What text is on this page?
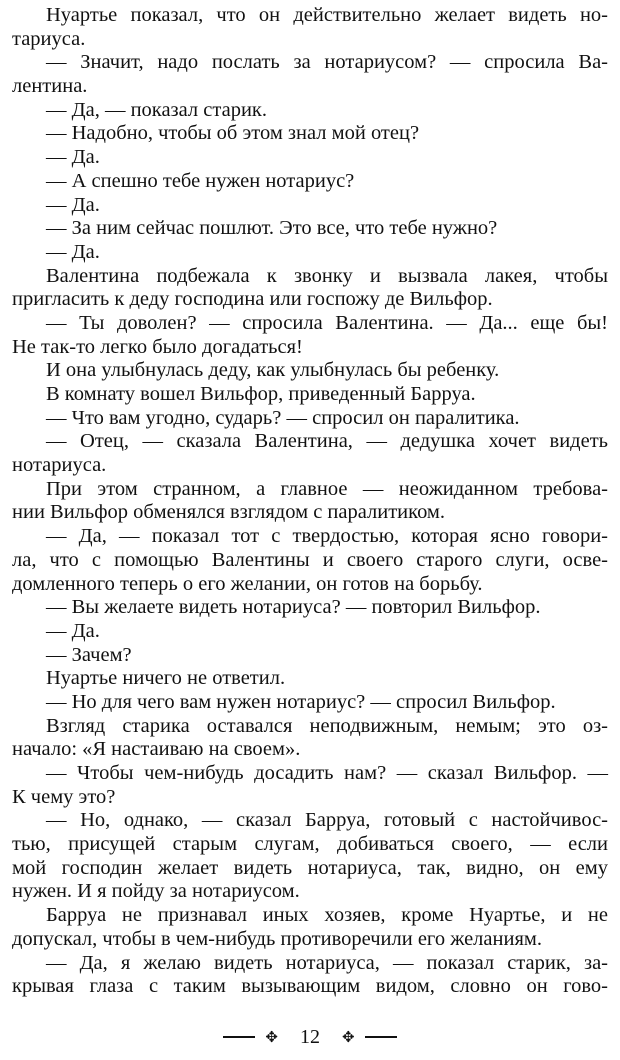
Нуартье показал, что он действительно желает видеть но-
тариуса.
— Значит, надо послать за нотариусом? — спросила Ва-
лентина.
— Да, — показал старик.
— Надобно, чтобы об этом знал мой отец?
— Да.
— А спешно тебе нужен нотариус?
— Да.
— За ним сейчас пошлют. Это все, что тебе нужно?
— Да.
Валентина подбежала к звонку и вызвала лакея, чтобы
пригласить к деду господина или госпожу де Вильфор.
— Ты доволен? — спросила Валентина. — Да... еще бы!
Не так-то легко было догадаться!
И она улыбнулась деду, как улыбнулась бы ребенку.
В комнату вошел Вильфор, приведенный Барруа.
— Что вам угодно, сударь? — спросил он паралитика.
— Отец, — сказала Валентина, — дедушка хочет видеть
нотариуса.
При этом странном, а главное — неожиданном требова-
нии Вильфор обменялся взглядом с паралитиком.
— Да, — показал тот с твердостью, которая ясно говори-
ла, что с помощью Валентины и своего старого слуги, осве-
домленного теперь о его желании, он готов на борьбу.
— Вы желаете видеть нотариуса? — повторил Вильфор.
— Да.
— Зачем?
Нуартье ничего не ответил.
— Но для чего вам нужен нотариус? — спросил Вильфор.
Взгляд старика оставался неподвижным, немым; это оз-
начало: «Я настаиваю на своем».
— Чтобы чем-нибудь досадить нам? — сказал Вильфор. —
К чему это?
— Но, однако, — сказал Барруа, готовый с настойчивос-
тью, присущей старым слугам, добиваться своего, — если
мой господин желает видеть нотариуса, так, видно, он ему
нужен. И я пойду за нотариусом.
Барруа не признавал иных хозяев, кроме Нуартье, и не
допускал, чтобы в чем-нибудь противоречили его желаниям.
— Да, я желаю видеть нотариуса, — показал старик, за-
крывая глаза с таким вызывающим видом, словно он гово-
✥ 12 ✥
